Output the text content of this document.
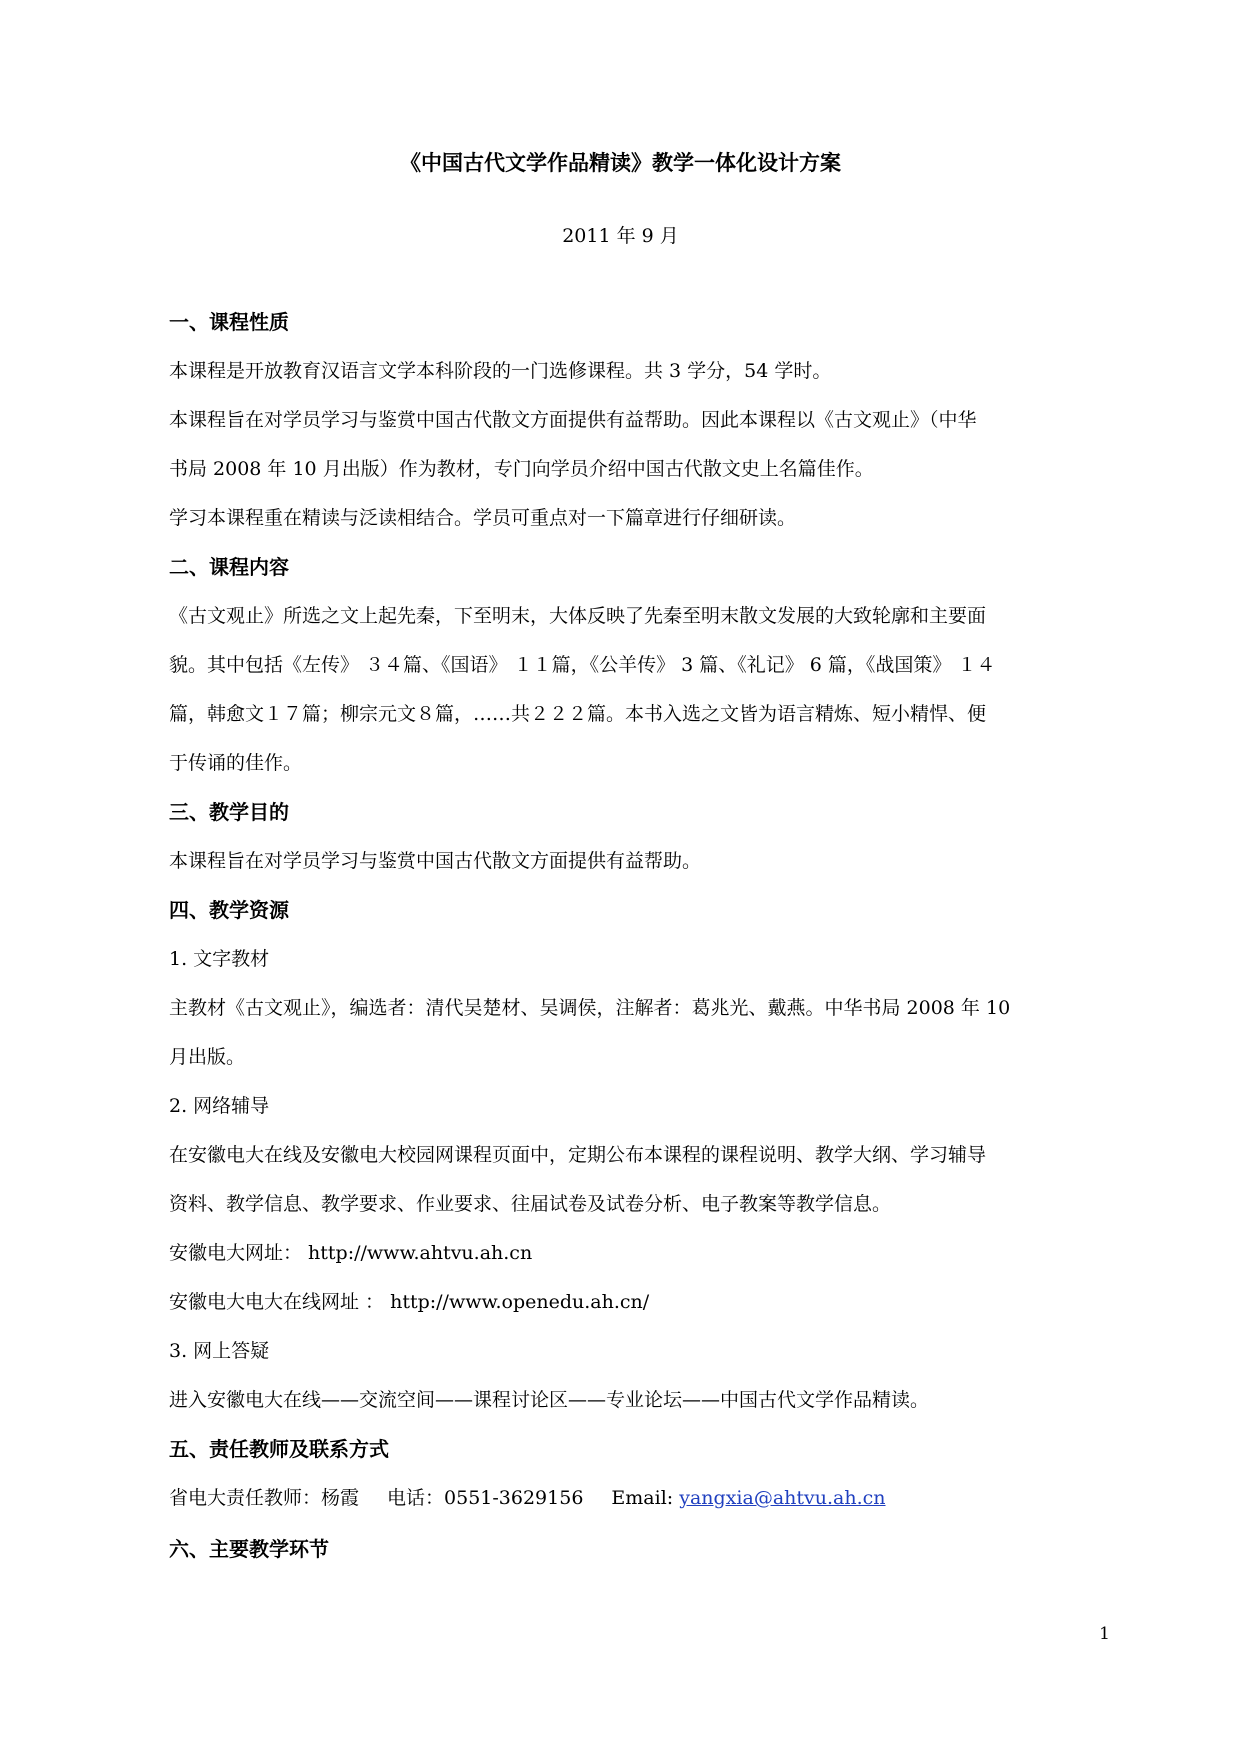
《中国古代文学作品精读》教学一体化设计方案
2011 年 9 月
一、课程性质
本课程是开放教育汉语言文学本科阶段的一门选修课程。共 3 学分，54 学时。
本课程旨在对学员学习与鉴赏中国古代散文方面提供有益帮助。因此本课程以《古文观止》（中华
书局 2008 年 10 月出版）作为教材，专门向学员介绍中国古代散文史上名篇佳作。
学习本课程重在精读与泛读相结合。学员可重点对一下篇章进行仔细研读。
二、课程内容
《古文观止》所选之文上起先秦，下至明末，大体反映了先秦至明末散文发展的大致轮廓和主要面
貌。其中包括《左传》 ３４篇、《国语》 １１篇，《公羊传》 3 篇、《礼记》 6 篇，《战国策》 １４
篇，韩愈文１７篇；柳宗元文８篇，……共２２２篇。本书入选之文皆为语言精炼、短小精悍、便
于传诵的佳作。
三、教学目的
本课程旨在对学员学习与鉴赏中国古代散文方面提供有益帮助。
四、教学资源
1. 文字教材
主教材《古文观止》，编选者：清代吴楚材、吴调侯，注解者：葛兆光、戴燕。中华书局 2008 年 10
月出版。
2. 网络辅导
在安徽电大在线及安徽电大校园网课程页面中，定期公布本课程的课程说明、教学大纲、学习辅导
资料、教学信息、教学要求、作业要求、往届试卷及试卷分析、电子教案等教学信息。
安徽电大网址： http://www.ahtvu.ah.cn
安徽电大电大在线网址 ： http://www.openedu.ah.cn/
3. 网上答疑
进入安徽电大在线——交流空间——课程讨论区——专业论坛——中国古代文学作品精读。
五、责任教师及联系方式
省电大责任教师：杨霞 电话：0551-3629156 Email: yangxia@ahtvu.ah.cn
六、主要教学环节
1
